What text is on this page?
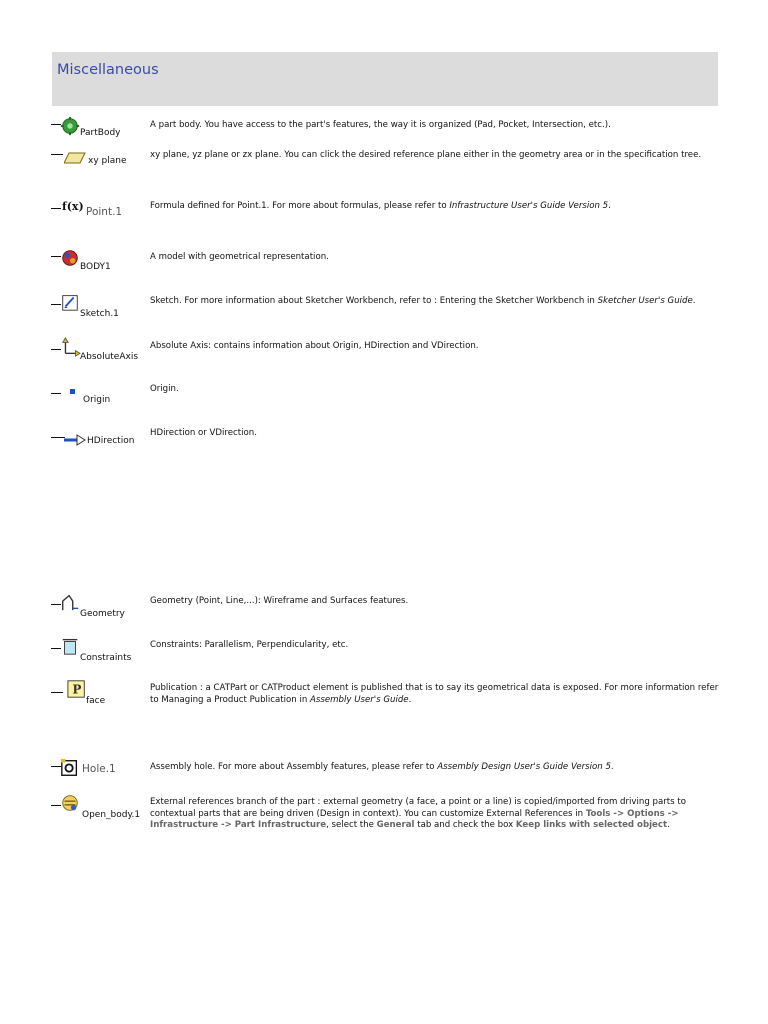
Miscellaneous
PartBody
A part body. You have access to the part's features, the way it is organized (Pad, Pocket, Intersection, etc.).
xy plane
xy plane, yz plane or zx plane. You can click the desired reference plane either in the geometry area or in the specification tree.
f(x) Point.1	Formula defined for Point.1. For more about formulas, please refer to Infrastructure User's Guide Version 5.
BODY1
A model with geometrical representation.
Sketch.1
Sketch. For more information about Sketcher Workbench, refer to : Entering the Sketcher Workbench in Sketcher User's Guide.
AbsoluteAxis
Absolute Axis: contains information about Origin, HDirection and VDirection.
Origin
Origin.
HDirection
HDirection or VDirection.
Geometry
Geometry (Point, Line,...): Wireframe and Surfaces features.
Constraints
Constraints: Parallelism, Perpendicularity, etc.
P
face
Publication : a CATPart or CATProduct element is published that is to say its geometrical data is exposed. For more information refer to Managing a Product Publication in Assembly User's Guide.
Hole.1	Assembly hole. For more about Assembly features, please refer to Assembly Design User's Guide Version 5.
Open_body.1
External references branch of the part : external geometry (a face, a point or a line) is copied/imported from driving parts to contextual parts that are being driven (Design in context). You can customize External References in Tools -> Options -> Infrastructure -> Part Infrastructure, select the General tab and check the box Keep links with selected object.
